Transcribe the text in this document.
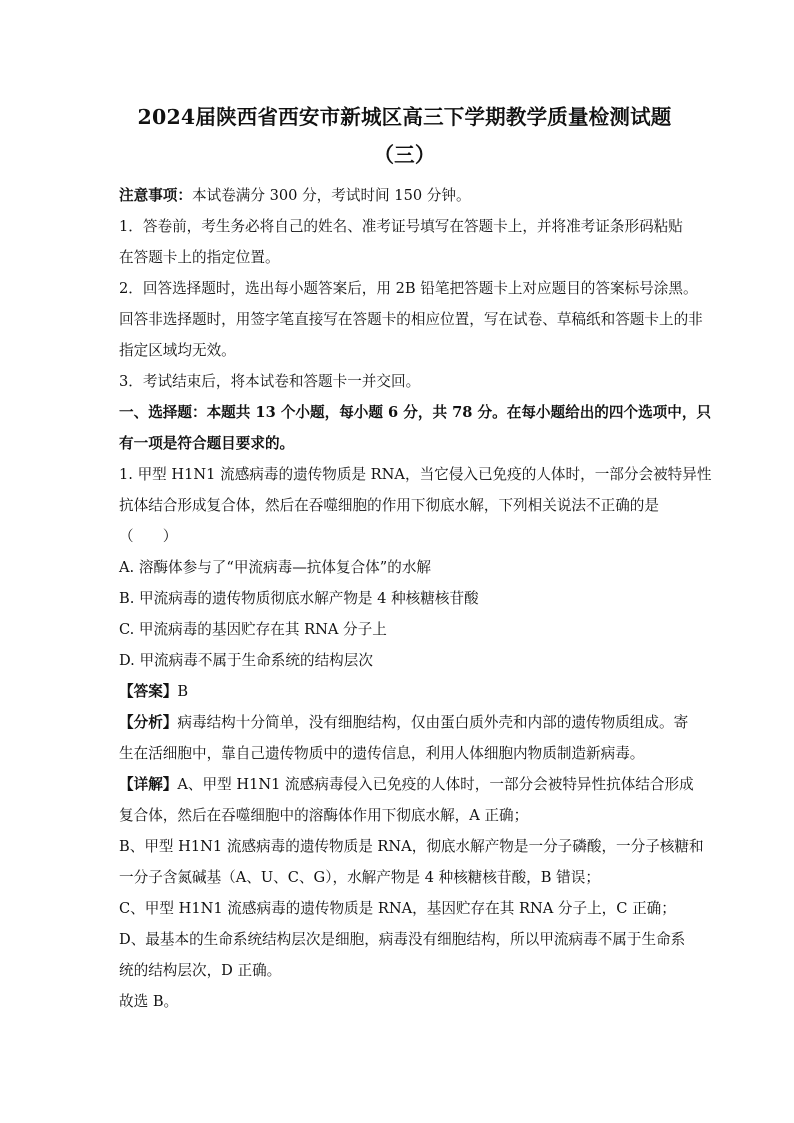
2024届陕西省西安市新城区高三下学期教学质量检测试题
（三）

注意事项：本试卷满分 300 分，考试时间 150 分钟。

1．答卷前，考生务必将自己的姓名、准考证号填写在答题卡上，并将准考证条形码粘贴

在答题卡上的指定位置。

2．回答选择题时，选出每小题答案后，用 2B 铅笔把答题卡上对应题目的答案标号涂黑。

回答非选择题时，用签字笔直接写在答题卡的相应位置，写在试卷、草稿纸和答题卡上的非

指定区域均无效。

3．考试结束后，将本试卷和答题卡一并交回。

一、选择题：本题共 13 个小题，每小题 6 分，共 78 分。在每小题给出的四个选项中，只

有一项是符合题目要求的。

1. 甲型 H1N1 流感病毒的遗传物质是 RNA，当它侵入已免疫的人体时，一部分会被特异性

抗体结合形成复合体，然后在吞噬细胞的作用下彻底水解，下列相关说法不正确的是

（　　）

A. 溶酶体参与了“甲流病毒—抗体复合体”的水解

B. 甲流病毒的遗传物质彻底水解产物是 4 种核糖核苷酸

C. 甲流病毒的基因贮存在其 RNA 分子上

D. 甲流病毒不属于生命系统的结构层次

【答案】B

【分析】病毒结构十分简单，没有细胞结构，仅由蛋白质外壳和内部的遗传物质组成。寄

生在活细胞中，靠自己遗传物质中的遗传信息，利用人体细胞内物质制造新病毒。

【详解】A、甲型 H1N1 流感病毒侵入已免疫的人体时，一部分会被特异性抗体结合形成

复合体，然后在吞噬细胞中的溶酶体作用下彻底水解，A 正确；

B、甲型 H1N1 流感病毒的遗传物质是 RNA，彻底水解产物是一分子磷酸，一分子核糖和

一分子含氮碱基（A、U、C、G），水解产物是 4 种核糖核苷酸，B 错误；

C、甲型 H1N1 流感病毒的遗传物质是 RNA，基因贮存在其 RNA 分子上，C 正确；

D、最基本的生命系统结构层次是细胞，病毒没有细胞结构，所以甲流病毒不属于生命系

统的结构层次，D 正确。

故选 B。
